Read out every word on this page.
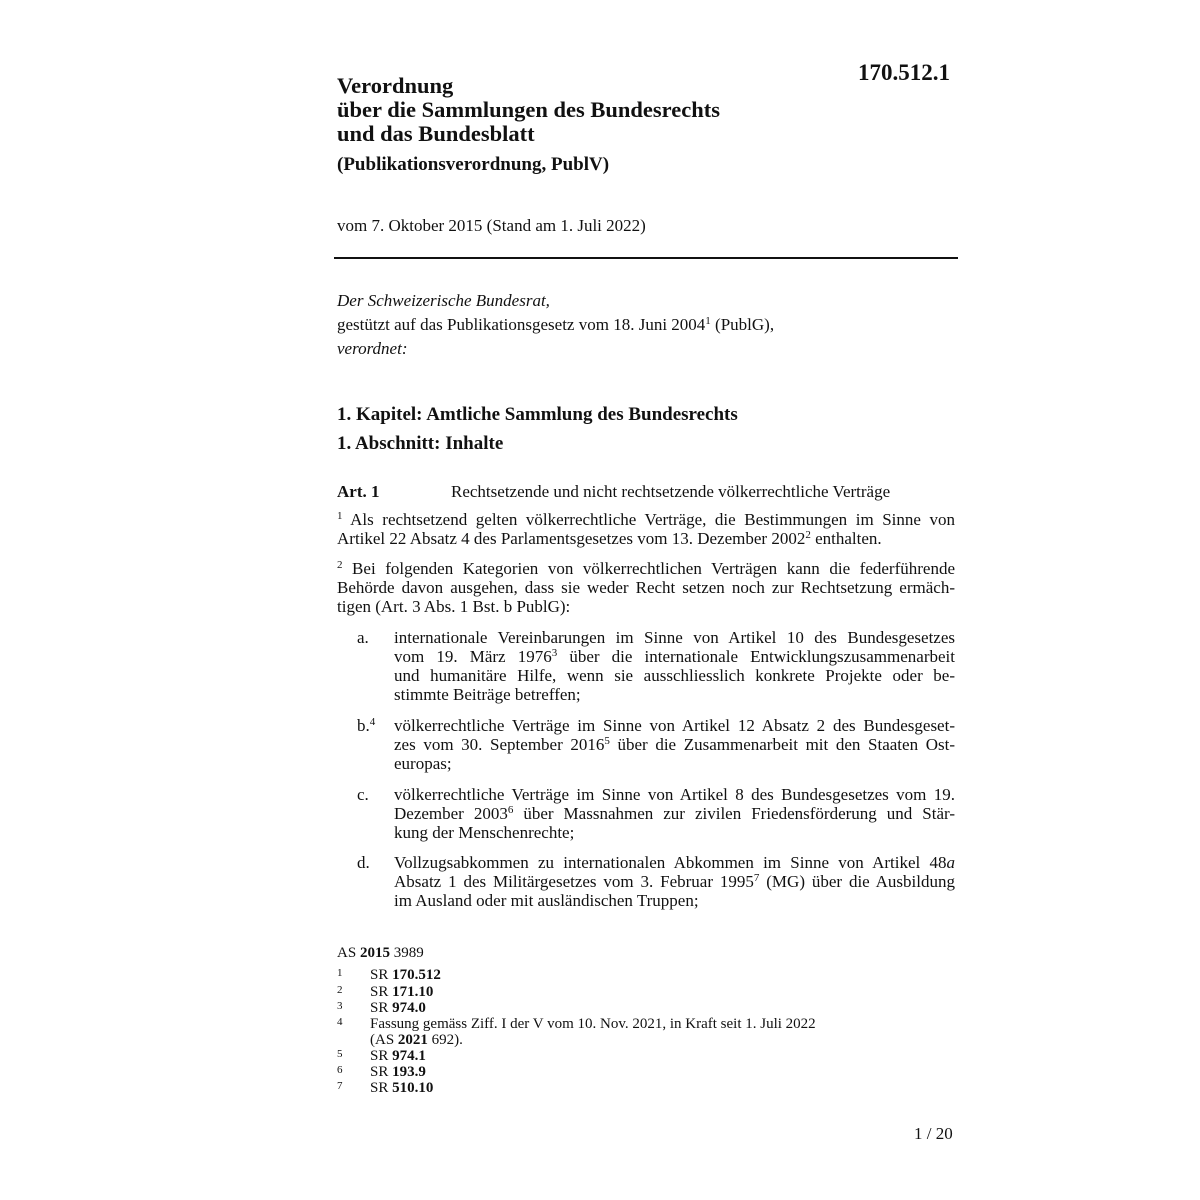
170.512.1
Verordnung
über die Sammlungen des Bundesrechts
und das Bundesblatt
(Publikationsverordnung, PublV)
vom 7. Oktober 2015 (Stand am 1. Juli 2022)
Der Schweizerische Bundesrat,
gestützt auf das Publikationsgesetz vom 18. Juni 2004$^1$ (PublG),
verordnet:
1. Kapitel: Amtliche Sammlung des Bundesrechts
1. Abschnitt: Inhalte
Art. 1	Rechtsetzende und nicht rechtsetzende völkerrechtliche Verträge
$^1$ Als rechtsetzend gelten völkerrechtliche Verträge, die Bestimmungen im Sinne von
Artikel 22 Absatz 4 des Parlamentsgesetzes vom 13. Dezember 2002$^2$ enthalten.
$^2$ Bei folgenden Kategorien von völkerrechtlichen Verträgen kann die federführende
Behörde davon ausgehen, dass sie weder Recht setzen noch zur Rechtsetzung ermäch-
tigen (Art. 3 Abs. 1 Bst. b PublG):
a. internationale Vereinbarungen im Sinne von Artikel 10 des Bundesgesetzes
vom 19. März 1976$^3$ über die internationale Entwicklungszusammenarbeit
und humanitäre Hilfe, wenn sie ausschliesslich konkrete Projekte oder be-
stimmte Beiträge betreffen;
b.$^4$ völkerrechtliche Verträge im Sinne von Artikel 12 Absatz 2 des Bundesgeset-
zes vom 30. September 2016$^5$ über die Zusammenarbeit mit den Staaten Ost-
europas;
c. völkerrechtliche Verträge im Sinne von Artikel 8 des Bundesgesetzes vom 19.
Dezember 2003$^6$ über Massnahmen zur zivilen Friedensförderung und Stär-
kung der Menschenrechte;
d. Vollzugsabkommen zu internationalen Abkommen im Sinne von Artikel 48a
Absatz 1 des Militärgesetzes vom 3. Februar 1995$^7$ (MG) über die Ausbildung
im Ausland oder mit ausländischen Truppen;
AS 2015 3989
1 SR 170.512
2 SR 171.10
3 SR 974.0
4 Fassung gemäss Ziff. I der V vom 10. Nov. 2021, in Kraft seit 1. Juli 2022
(AS 2021 692).
5 SR 974.1
6 SR 193.9
7 SR 510.10
1 / 20
